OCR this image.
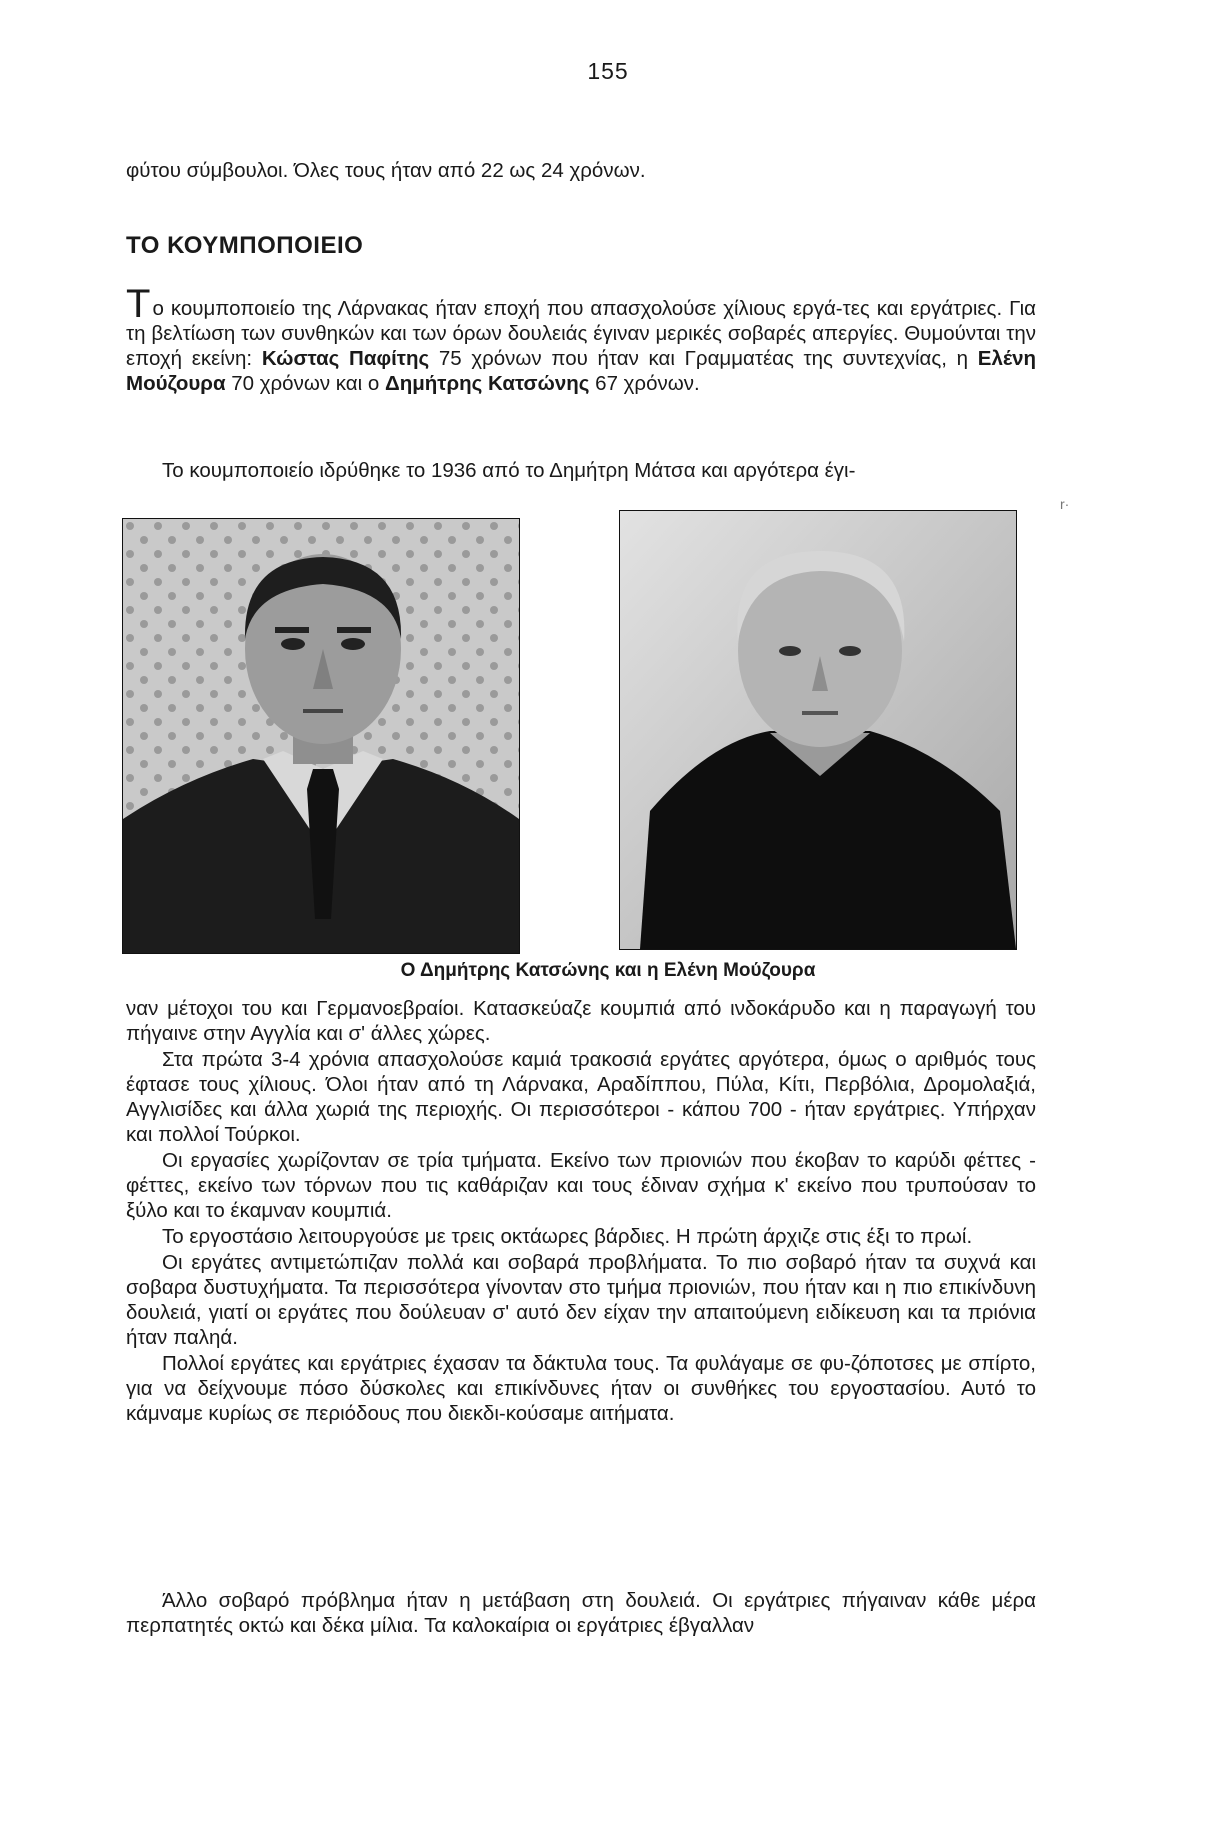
155

φύτου σύμβουλοι. Όλες τους ήταν από 22 ως 24 χρόνων.

ΤΟ ΚΟΥΜΠΟΠΟΙΕΙΟ

Το κουμποποιείο της Λάρνακας ήταν εποχή που απασχολούσε χίλιους εργά-τες και εργάτριες. Για τη βελτίωση των συνθηκών και των όρων δουλειάς έγιναν μερικές σοβαρές απεργίες. Θυμούνται την εποχή εκείνη: Κώστας Παφίτης 75 χρόνων που ήταν και Γραμματέας της συντεχνίας, η Ελένη Μούζουρα 70 χρόνων και ο Δημήτρης Κατσώνης 67 χρόνων.

Το κουμποποιείο ιδρύθηκε το 1936 από το Δημήτρη Μάτσα και αργότερα έγι-

r·
Ο Δημήτρης Κατσώνης και η Ελένη Μούζουρα

ναν μέτοχοι του και Γερμανοεβραίοι. Κατασκεύαζε κουμπιά από ινδοκάρυδο και η παραγωγή του πήγαινε στην Αγγλία και σ' άλλες χώρες.

Στα πρώτα 3-4 χρόνια απασχολούσε καμιά τρακοσιά εργάτες αργότερα, όμως ο αριθμός τους έφτασε τους χίλιους. Όλοι ήταν από τη Λάρνακα, Αραδίππου, Πύλα, Κίτι, Περβόλια, Δρομολαξιά, Αγγλισίδες και άλλα χωριά της περιοχής. Οι περισσότεροι - κάπου 700 - ήταν εργάτριες. Υπήρχαν και πολλοί Τούρκοι.

Οι εργασίες χωρίζονταν σε τρία τμήματα. Εκείνο των πριονιών που έκοβαν το καρύδι φέττες - φέττες, εκείνο των τόρνων που τις καθάριζαν και τους έδιναν σχήμα κ' εκείνο που τρυπούσαν το ξύλο και το έκαμναν κουμπιά.

Το εργοστάσιο λειτουργούσε με τρεις οκτάωρες βάρδιες. Η πρώτη άρχιζε στις έξι το πρωί.

Οι εργάτες αντιμετώπιζαν πολλά και σοβαρά προβλήματα. Το πιο σοβαρό ήταν τα συχνά και σοβαρα δυστυχήματα. Τα περισσότερα γίνονταν στο τμήμα πριονιών, που ήταν και η πιο επικίνδυνη δουλειά, γιατί οι εργάτες που δούλευαν σ' αυτό δεν είχαν την απαιτούμενη ειδίκευση και τα πριόνια ήταν παληά.

Πολλοί εργάτες και εργάτριες έχασαν τα δάκτυλα τους. Τα φυλάγαμε σε φυ-ζόποτσες με σπίρτο, για να δείχνουμε πόσο δύσκολες και επικίνδυνες ήταν οι συνθήκες του εργοστασίου. Αυτό το κάμναμε κυρίως σε περιόδους που διεκδι-κούσαμε αιτήματα.

Άλλο σοβαρό πρόβλημα ήταν η μετάβαση στη δουλειά. Οι εργάτριες πήγαιναν κάθε μέρα περπατητές οκτώ και δέκα μίλια. Τα καλοκαίρια οι εργάτριες έβγαλλαν
